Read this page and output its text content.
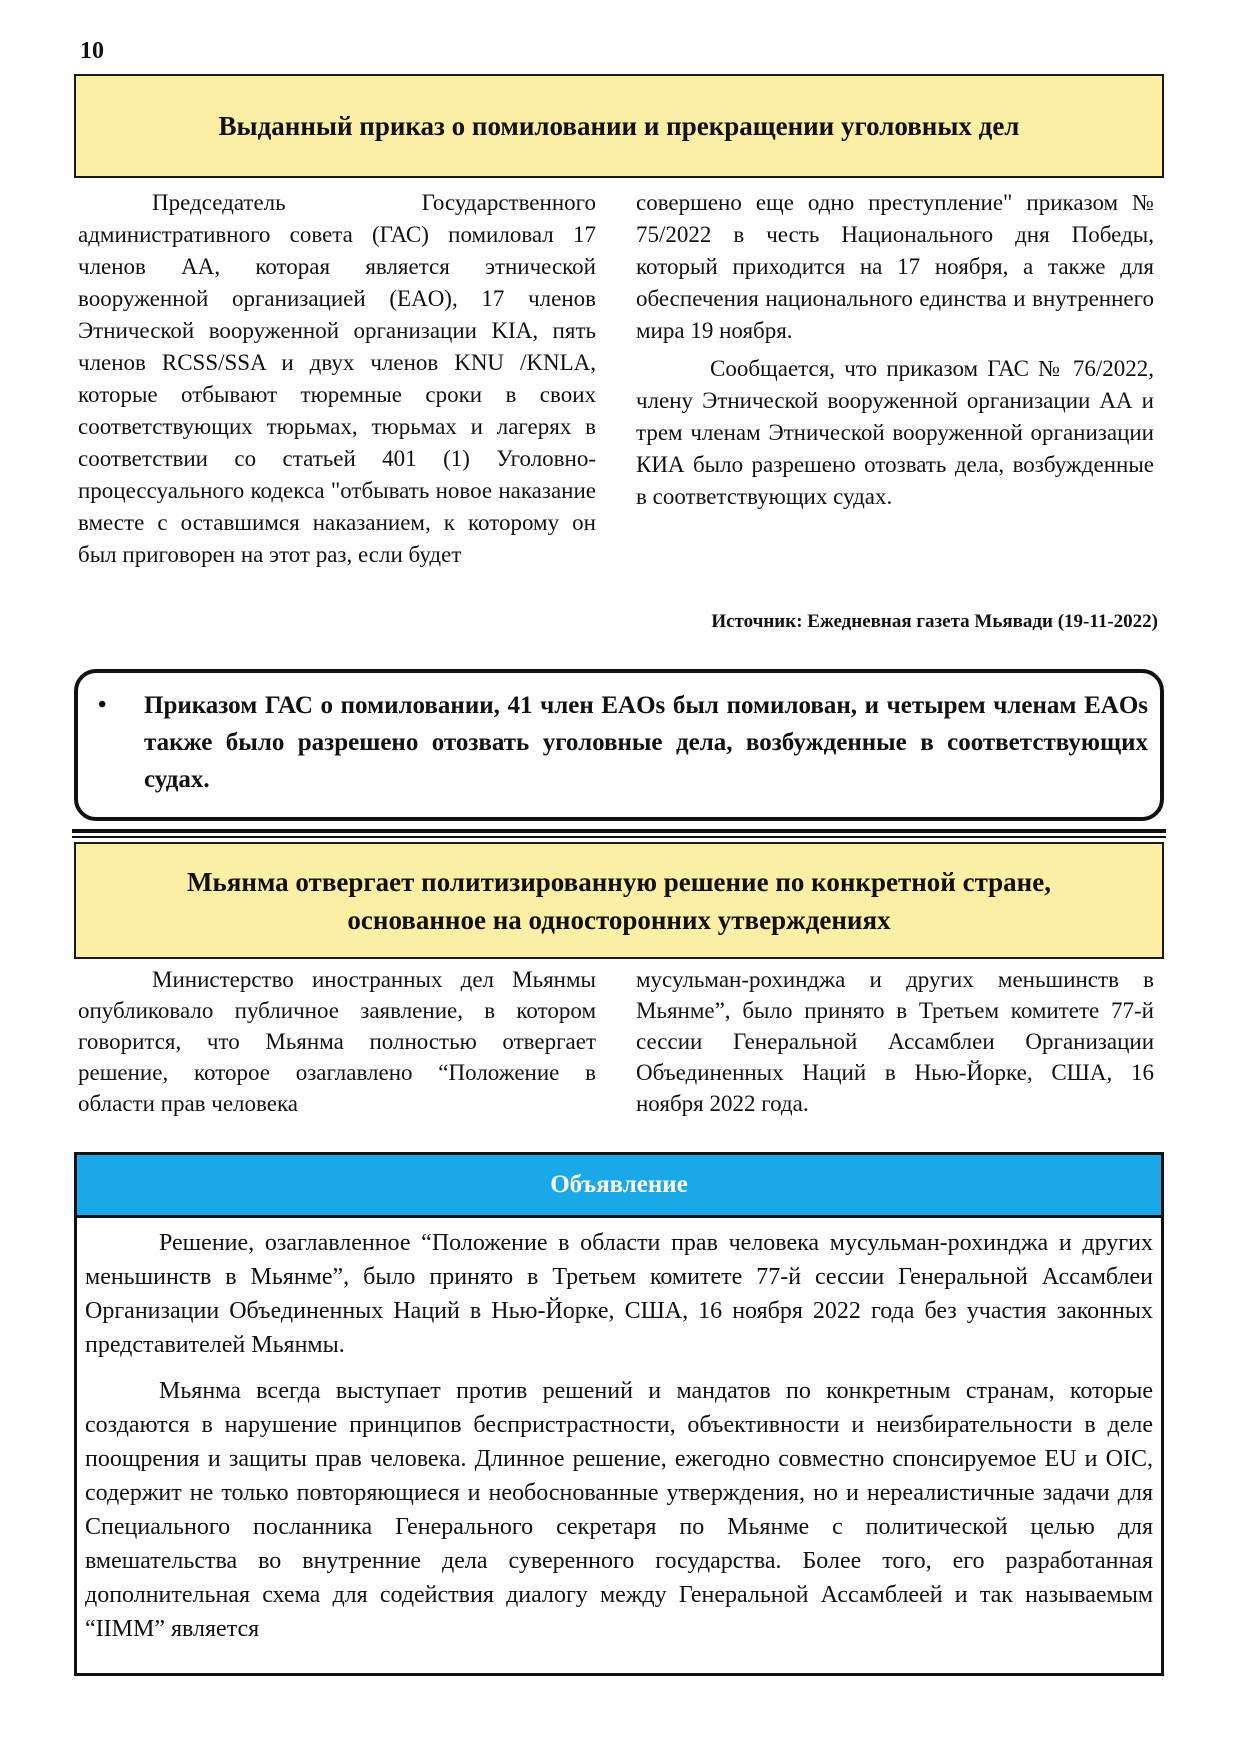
10
Выданный приказ о помиловании и прекращении уголовных дел

Председатель Государственного административного совета (ГАС) помиловал 17 членов AA, которая является этнической вооруженной организацией (EAO), 17 членов Этнической вооруженной организации KIA, пять членов RCSS/SSA и двух членов KNU /KNLA, которые отбывают тюремные сроки в своих соответствующих тюрьмах, тюрьмах и лагерях в соответствии со статьей 401 (1) Уголовно-процессуального кодекса "отбывать новое наказание вместе с оставшимся наказанием, к которому он был приговорен на этот раз, если будет

совершено еще одно преступление" приказом № 75/2022 в честь Национального дня Победы, который приходится на 17 ноября, а также для обеспечения национального единства и внутреннего мира 19 ноября.

Сообщается, что приказом ГАС № 76/2022, члену Этнической вооруженной организации АА и трем членам Этнической вооруженной организации КИА было разрешено отозвать дела, возбужденные в соответствующих судах.

Источник: Ежедневная газета Мьявади (19-11-2022)
•	Приказом ГАС о помиловании, 41 член EAOs был помилован, и четырем членам EAOs также было разрешено отозвать уголовные дела, возбужденные в соответствующих судах.
Мьянма отвергает политизированную решение по конкретной стране,
основанное на односторонних утверждениях

Министерство иностранных дел Мьянмы опубликовало публичное заявление, в котором говорится, что Мьянма полностью отвергает решение, которое озаглавлено “Положение в области прав человека

мусульман-рохинджа и других меньшинств в Мьянме”, было принято в Третьем комитете 77-й сессии Генеральной Ассамблеи Организации Объединенных Наций в Нью-Йорке, США, 16 ноября 2022 года.

Объявление

Решение, озаглавленное “Положение в области прав человека мусульман-рохинджа и других меньшинств в Мьянме”, было принято в Третьем комитете 77-й сессии Генеральной Ассамблеи Организации Объединенных Наций в Нью-Йорке, США, 16 ноября 2022 года без участия законных представителей Мьянмы.

Мьянма всегда выступает против решений и мандатов по конкретным странам, которые создаются в нарушение принципов беспристрастности, объективности и неизбирательности в деле поощрения и защиты прав человека. Длинное решение, ежегодно совместно спонсируемое EU и OIC, содержит не только повторяющиеся и необоснованные утверждения, но и нереалистичные задачи для Специального посланника Генерального секретаря по Мьянме с политической целью для вмешательства во внутренние дела суверенного государства. Более того, его разработанная дополнительная схема для содействия диалогу между Генеральной Ассамблеей и так называемым “IIMM” является
